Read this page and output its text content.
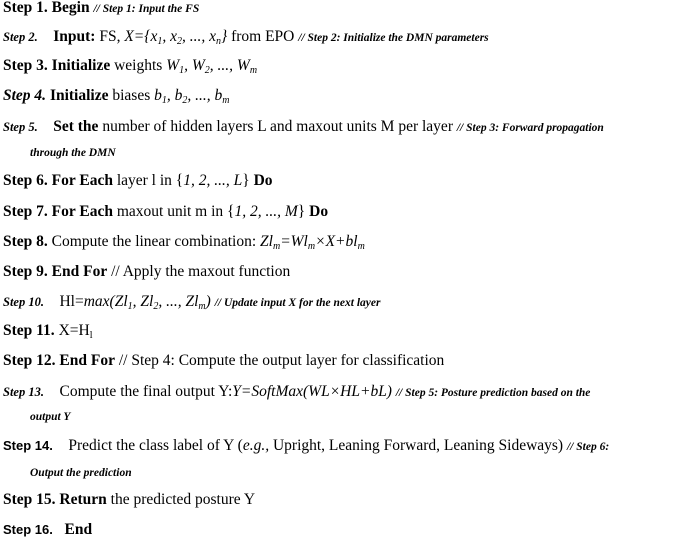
Step 1. Begin // Step 1: Input the FS
Step 2. Input: FS, $X=\{x_1$, $x_2$, ..., $x_n$} from EPO // Step 2: Initialize the DMN parameters
Step 3. Initialize weights $W_1$, $W_2$, ..., $W_m$
Step 4. Initialize biases $b_1$, $b_2$, ..., $b_m$
Step 5. Set the number of hidden layers L and maxout units M per layer // Step 3: Forward propagation
through the DMN
Step 6. For Each layer l in {1, 2, ..., L} Do
Step 7. For Each maxout unit m in {1, 2, ..., M} Do
Step 8. Compute the linear combination: $Zl_m=Wl_m\times X+bl_m$
Step 9. End For // Apply the maxout function
Step 10. $Hl=\max(Zl_1$, $Zl_2$, ..., $Zl_m$) // Update input X for the next layer
Step 11. $X=H_l$
Step 12. End For // Step 4: Compute the output layer for classification
Step 13. Compute the final output Y:Y=SoftMax(WL×HL+bL) // Step 5: Posture prediction based on the
output Y
Step 14. Predict the class label of Y (e.g., Upright, Leaning Forward, Leaning Sideways) // Step 6:
Output the prediction
Step 15. Return the predicted posture Y
Step 16. End
